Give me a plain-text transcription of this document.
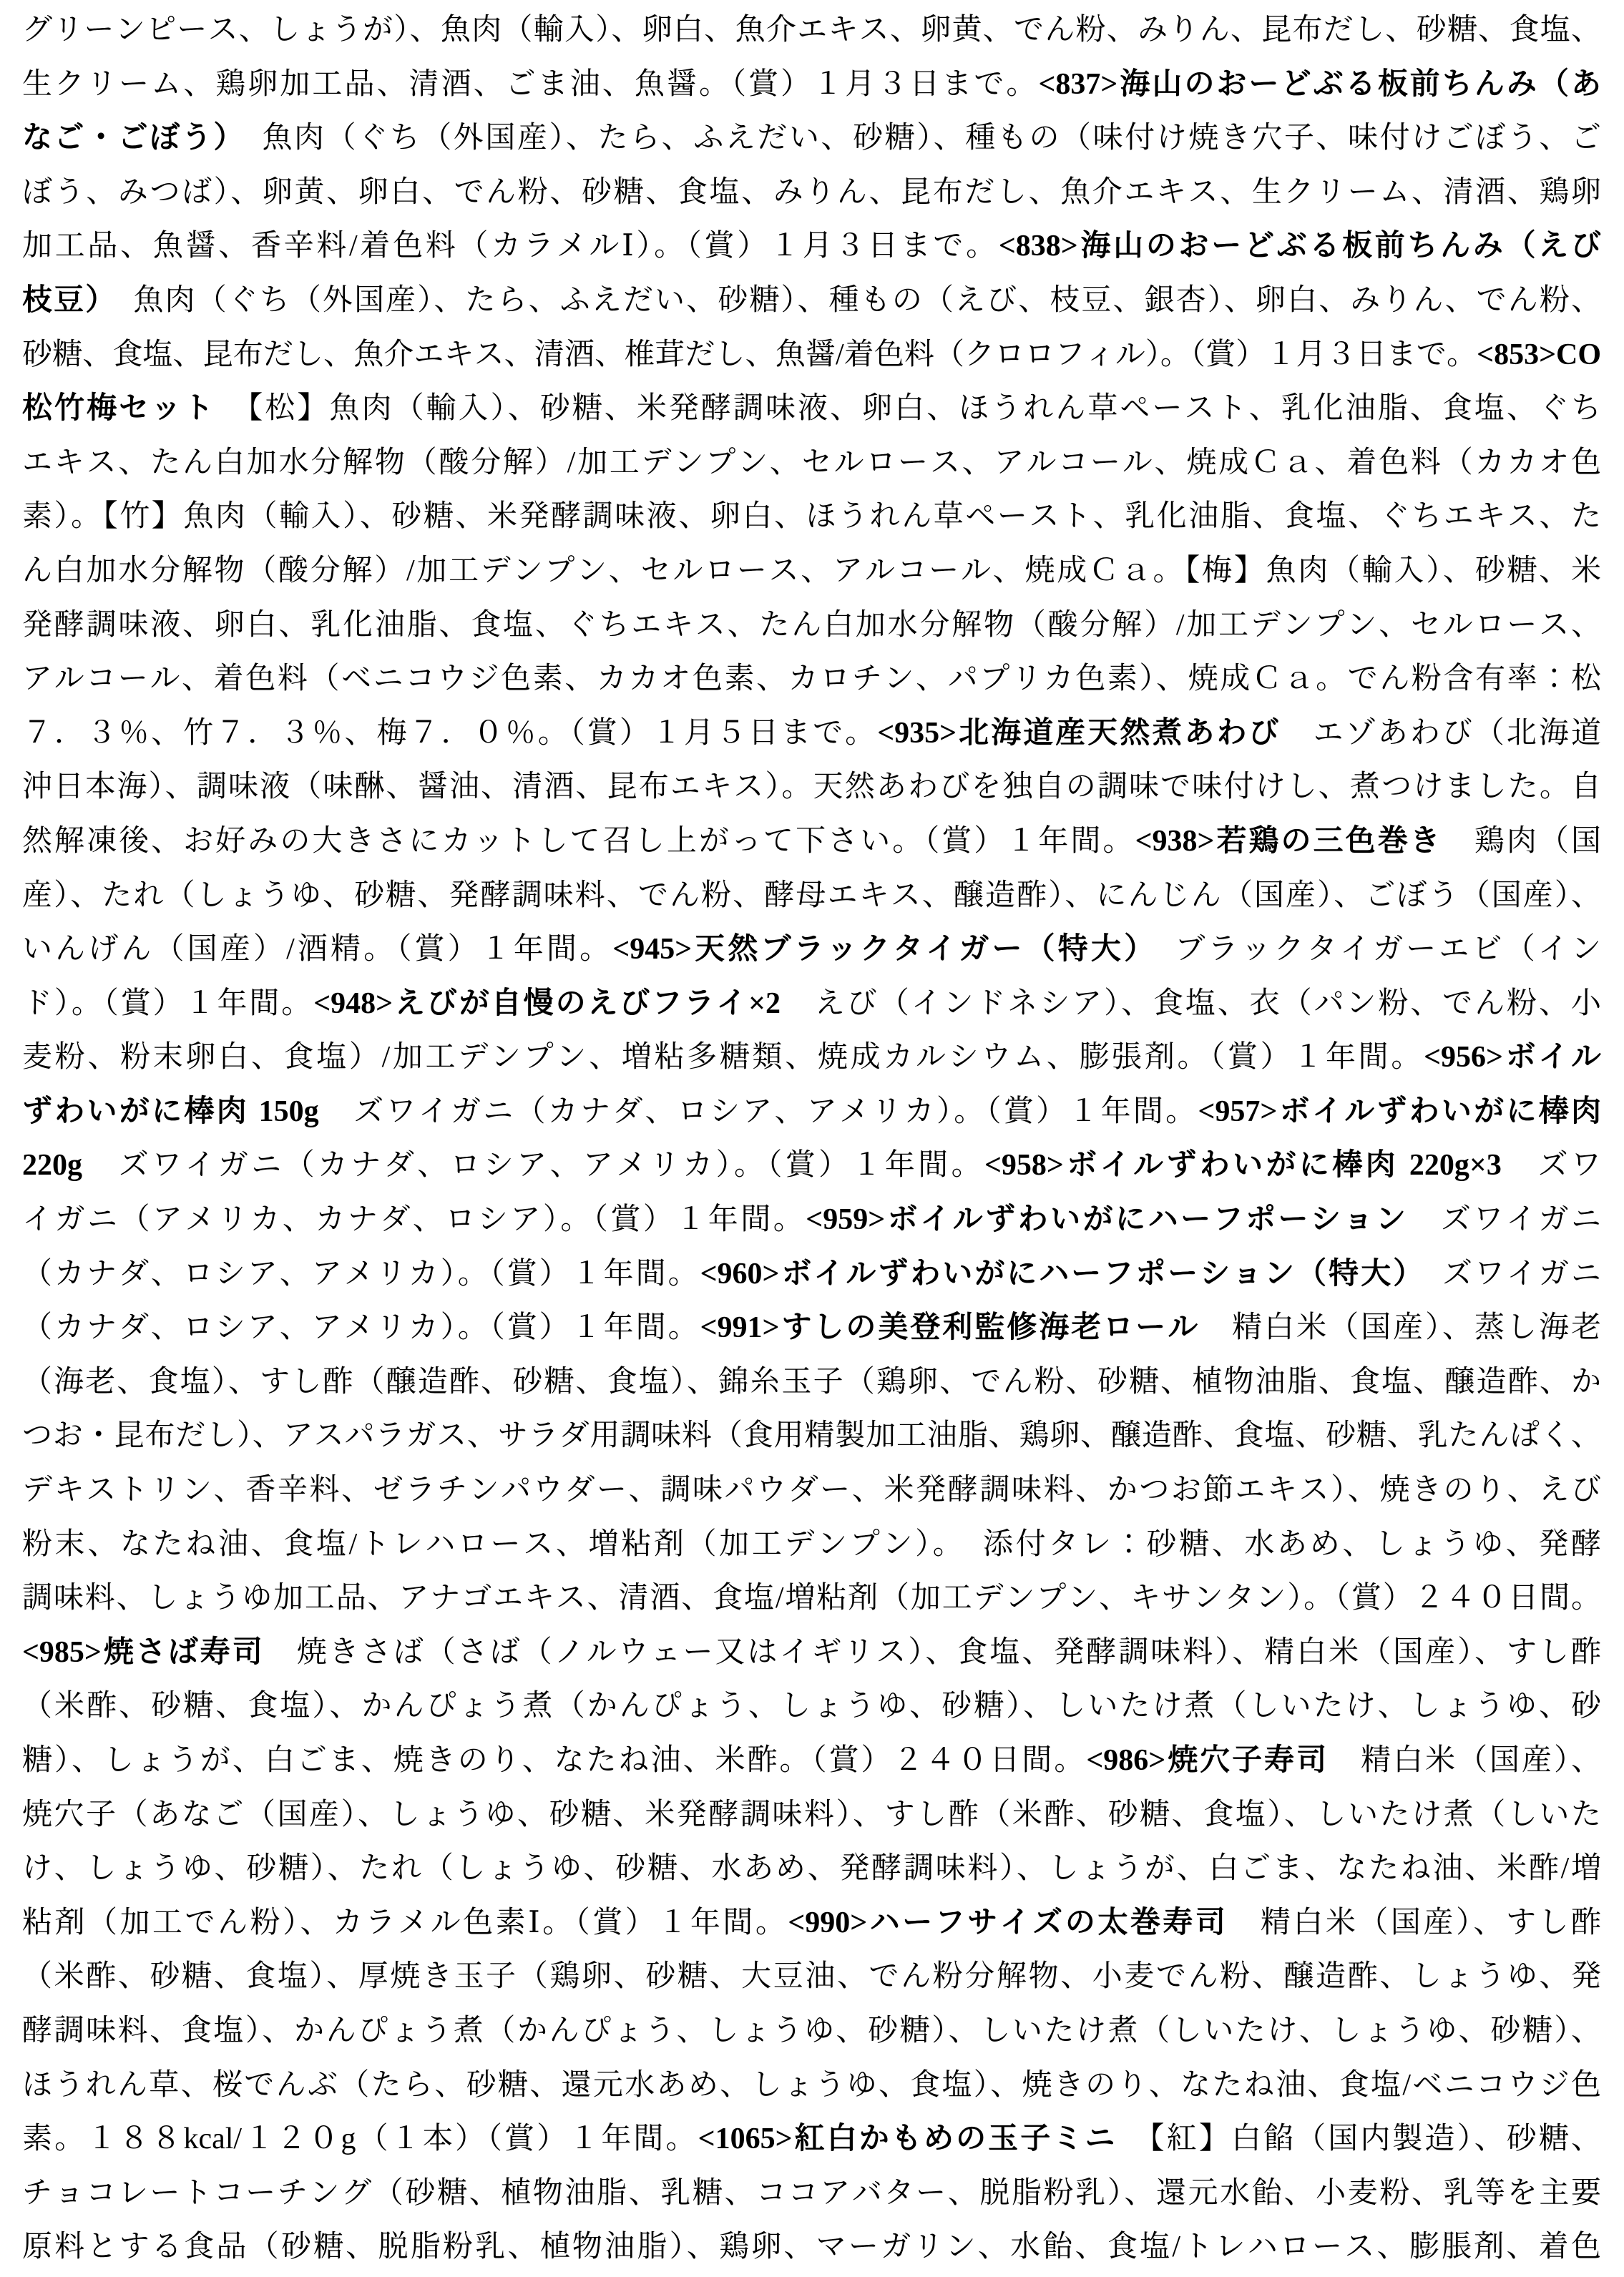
グリーンピース、しょうが）、魚肉（輸入）、卵白、魚介エキス、卵黄、でん粉、みりん、昆布だし、砂糖、食塩、
生クリーム、鶏卵加工品、清酒、ごま油、魚醤。（賞）１月３日まで。<837>海山のおーどぶる板前ちんみ（あ
なご・ごぼう）　魚肉（ぐち（外国産）、たら、ふえだい、砂糖）、種もの（味付け焼き穴子、味付けごぼう、ご
ぼう、みつば）、卵黄、卵白、でん粉、砂糖、食塩、みりん、昆布だし、魚介エキス、生クリーム、清酒、鶏卵
加工品、魚醤、香辛料/着色料（カラメルⅠ）。（賞）１月３日まで。<838>海山のおーどぶる板前ちんみ（えび
枝豆）　魚肉（ぐち（外国産）、たら、ふえだい、砂糖）、種もの（えび、枝豆、銀杏）、卵白、みりん、でん粉、
砂糖、食塩、昆布だし、魚介エキス、清酒、椎茸だし、魚醤/着色料（クロロフィル）。（賞）１月３日まで。<853>CO
松竹梅セット　【松】魚肉（輸入）、砂糖、米発酵調味液、卵白、ほうれん草ペースト、乳化油脂、食塩、ぐち
エキス、たん白加水分解物（酸分解）/加工デンプン、セルロース、アルコール、焼成Ｃａ、着色料（カカオ色
素）。【竹】魚肉（輸入）、砂糖、米発酵調味液、卵白、ほうれん草ペースト、乳化油脂、食塩、ぐちエキス、た
ん白加水分解物（酸分解）/加工デンプン、セルロース、アルコール、焼成Ｃａ。【梅】魚肉（輸入）、砂糖、米
発酵調味液、卵白、乳化油脂、食塩、ぐちエキス、たん白加水分解物（酸分解）/加工デンプン、セルロース、
アルコール、着色料（ベニコウジ色素、カカオ色素、カロチン、パプリカ色素）、焼成Ｃａ。でん粉含有率：松
７．３％、竹７．３％、梅７．０％。（賞）１月５日まで。<935>北海道産天然煮あわび　エゾあわび（北海道
沖日本海）、調味液（味醂、醤油、清酒、昆布エキス）。天然あわびを独自の調味で味付けし、煮つけました。自
然解凍後、お好みの大きさにカットして召し上がって下さい。（賞）１年間。<938>若鶏の三色巻き　鶏肉（国
産）、たれ（しょうゆ、砂糖、発酵調味料、でん粉、酵母エキス、醸造酢）、にんじん（国産）、ごぼう（国産）、
いんげん（国産）/酒精。（賞）１年間。<945>天然ブラックタイガー（特大）　ブラックタイガーエビ（イン
ド）。（賞）１年間。<948>えびが自慢のえびフライ×2　えび（インドネシア）、食塩、衣（パン粉、でん粉、小
麦粉、粉末卵白、食塩）/加工デンプン、増粘多糖類、焼成カルシウム、膨張剤。（賞）１年間。<956>ボイル
ずわいがに棒肉 150g　ズワイガニ（カナダ、ロシア、アメリカ）。（賞）１年間。<957>ボイルずわいがに棒肉
220g　ズワイガニ（カナダ、ロシア、アメリカ）。（賞）１年間。<958>ボイルずわいがに棒肉 220g×3　ズワ
イガニ（アメリカ、カナダ、ロシア）。（賞）１年間。<959>ボイルずわいがにハーフポーション　ズワイガニ
（カナダ、ロシア、アメリカ）。（賞）１年間。<960>ボイルずわいがにハーフポーション（特大）　ズワイガニ
（カナダ、ロシア、アメリカ）。（賞）１年間。<991>すしの美登利監修海老ロール　精白米（国産）、蒸し海老
（海老、食塩）、すし酢（醸造酢、砂糖、食塩）、錦糸玉子（鶏卵、でん粉、砂糖、植物油脂、食塩、醸造酢、か
つお・昆布だし）、アスパラガス、サラダ用調味料（食用精製加工油脂、鶏卵、醸造酢、食塩、砂糖、乳たんぱく、
デキストリン、香辛料、ゼラチンパウダー、調味パウダー、米発酵調味料、かつお節エキス）、焼きのり、えび
粉末、なたね油、食塩/トレハロース、増粘剤（加工デンプン）。　添付タレ：砂糖、水あめ、しょうゆ、発酵
調味料、しょうゆ加工品、アナゴエキス、清酒、食塩/増粘剤（加工デンプン、キサンタン）。（賞）２４０日間。
<985>焼さば寿司　焼きさば（さば（ノルウェー又はイギリス）、食塩、発酵調味料）、精白米（国産）、すし酢
（米酢、砂糖、食塩）、かんぴょう煮（かんぴょう、しょうゆ、砂糖）、しいたけ煮（しいたけ、しょうゆ、砂
糖）、しょうが、白ごま、焼きのり、なたね油、米酢。（賞）２４０日間。<986>焼穴子寿司　精白米（国産）、
焼穴子（あなご（国産）、しょうゆ、砂糖、米発酵調味料）、すし酢（米酢、砂糖、食塩）、しいたけ煮（しいた
け、しょうゆ、砂糖）、たれ（しょうゆ、砂糖、水あめ、発酵調味料）、しょうが、白ごま、なたね油、米酢/増
粘剤（加工でん粉）、カラメル色素Ⅰ。（賞）１年間。<990>ハーフサイズの太巻寿司　精白米（国産）、すし酢
（米酢、砂糖、食塩）、厚焼き玉子（鶏卵、砂糖、大豆油、でん粉分解物、小麦でん粉、醸造酢、しょうゆ、発
酵調味料、食塩）、かんぴょう煮（かんぴょう、しょうゆ、砂糖）、しいたけ煮（しいたけ、しょうゆ、砂糖）、
ほうれん草、桜でんぶ（たら、砂糖、還元水あめ、しょうゆ、食塩）、焼きのり、なたね油、食塩/ベニコウジ色
素。１８８kcal/１２０g（１本）（賞）１年間。<1065>紅白かもめの玉子ミニ　【紅】白餡（国内製造）、砂糖、
チョコレートコーチング（砂糖、植物油脂、乳糖、ココアバター、脱脂粉乳）、還元水飴、小麦粉、乳等を主要
原料とする食品（砂糖、脱脂粉乳、植物油脂）、鶏卵、マーガリン、水飴、食塩/トレハロース、膨脹剤、着色
